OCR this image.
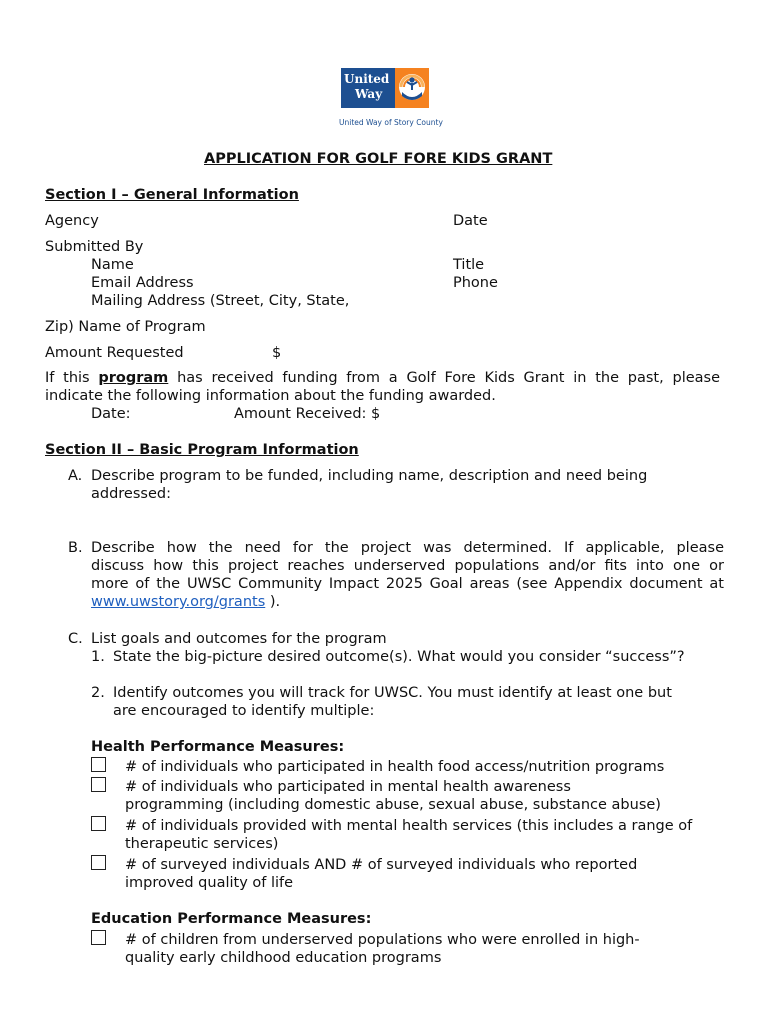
United
Way
United Way of Story County
APPLICATION FOR GOLF FORE KIDS GRANT
Section I – General Information
Agency	Date
Submitted By
Name	Title
Email Address	Phone
Mailing Address (Street, City, State,
Zip) Name of Program
Amount Requested	$
If this program has received funding from a Golf Fore Kids Grant in the past, please
indicate the following information about the funding awarded.
Date:	Amount Received: $
Section II – Basic Program Information
A. Describe program to be funded, including name, description and need being
addressed:
B. Describe how the need for the project was determined. If applicable, please
discuss how this project reaches underserved populations and/or fits into one or
more of the UWSC Community Impact 2025 Goal areas (see Appendix document at
www.uwstory.org/grants ).
C. List goals and outcomes for the program
1. State the big-picture desired outcome(s). What would you consider “success”?
2. Identify outcomes you will track for UWSC. You must identify at least one but
are encouraged to identify multiple:
Health Performance Measures:
# of individuals who participated in health food access/nutrition programs
# of individuals who participated in mental health awareness
programming (including domestic abuse, sexual abuse, substance abuse)
# of individuals provided with mental health services (this includes a range of
therapeutic services)
# of surveyed individuals AND # of surveyed individuals who reported
improved quality of life
Education Performance Measures:
# of children from underserved populations who were enrolled in high-
quality early childhood education programs
